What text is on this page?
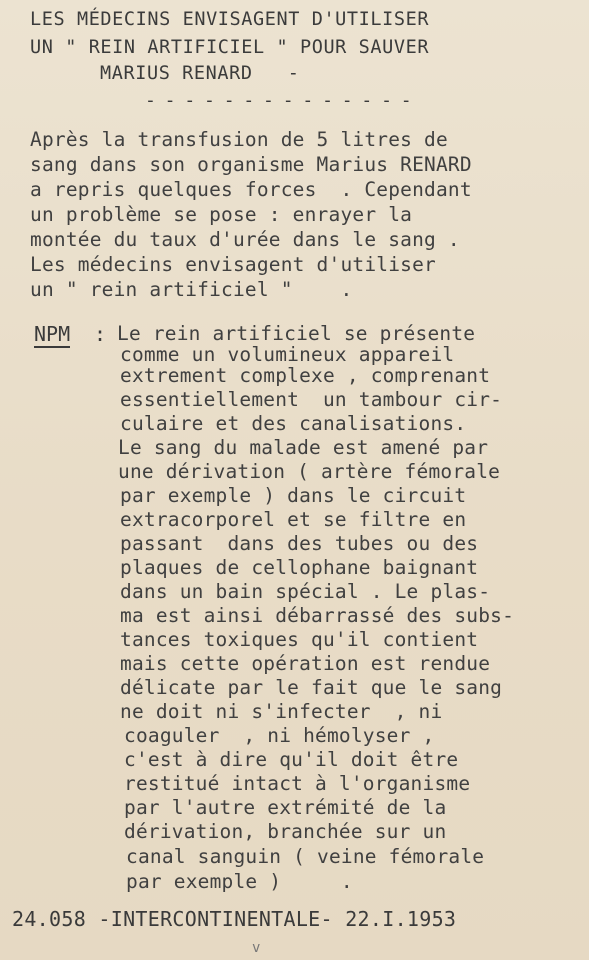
LES MÉDECINS ENVISAGENT D'UTILISER
UN " REIN ARTIFICIEL " POUR SAUVER
MARIUS RENARD   -
- - - - - - - - - - - - - -
Après la transfusion de 5 litres de
sang dans son organisme Marius RENARD
a repris quelques forces  . Cependant
un problème se pose : enrayer la
montée du taux d'urée dans le sang .
Les médecins envisagent d'utiliser
un " rein artificiel "    .
NPM : Le rein artificiel se présente
comme un volumineux appareil
extrement complexe , comprenant
essentiellement  un tambour cir-
culaire et des canalisations.
Le sang du malade est amené par
une dérivation ( artère fémorale
par exemple ) dans le circuit
extracorporel et se filtre en
passant  dans des tubes ou des
plaques de cellophane baignant
dans un bain spécial . Le plas-
ma est ainsi débarrassé des subs-
tances toxiques qu'il contient
mais cette opération est rendue
délicate par le fait que le sang
ne doit ni s'infecter  , ni
coaguler  , ni hémolyser ,
c'est à dire qu'il doit être
restitué intact à l'organisme
par l'autre extrémité de la
dérivation, branchée sur un
canal sanguin ( veine fémorale
24.058 -INTERCONTINENTALE- 22.I.1953
v
par exemple )     .
